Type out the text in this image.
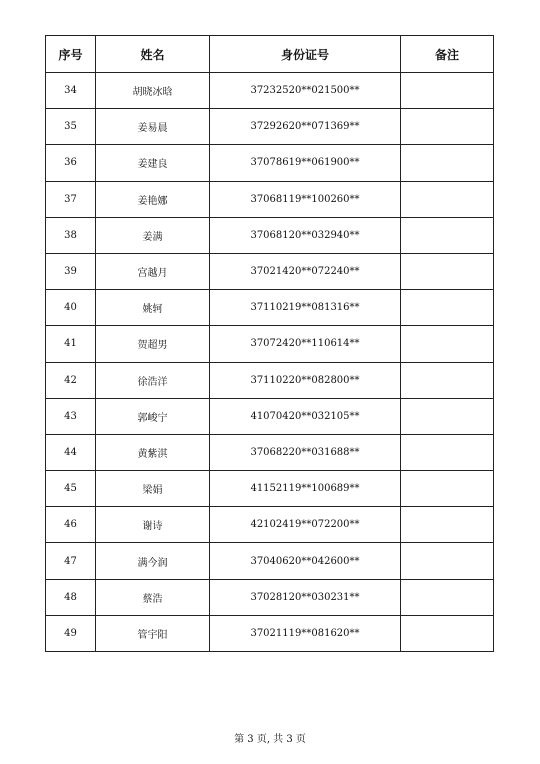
序号	姓名	身份证号	备注
34	胡晓冰晗	37232520**021500**	
35	姜易晨	37292620**071369**	
36	姜建良	37078619**061900**	
37	姜艳娜	37068119**100260**	
38	姜满	37068120**032940**	
39	宫越月	37021420**072240**	
40	姚轲	37110219**081316**	
41	贺超男	37072420**110614**	
42	徐浩洋	37110220**082800**	
43	郭峻宁	41070420**032105**	
44	黄紫淇	37068220**031688**	
45	梁娟	41152119**100689**	
46	谢诗	42102419**072200**	
47	满今润	37040620**042600**	
48	蔡浩	37028120**030231**	
49	管宇阳	37021119**081620**	
第 3 页, 共 3 页
